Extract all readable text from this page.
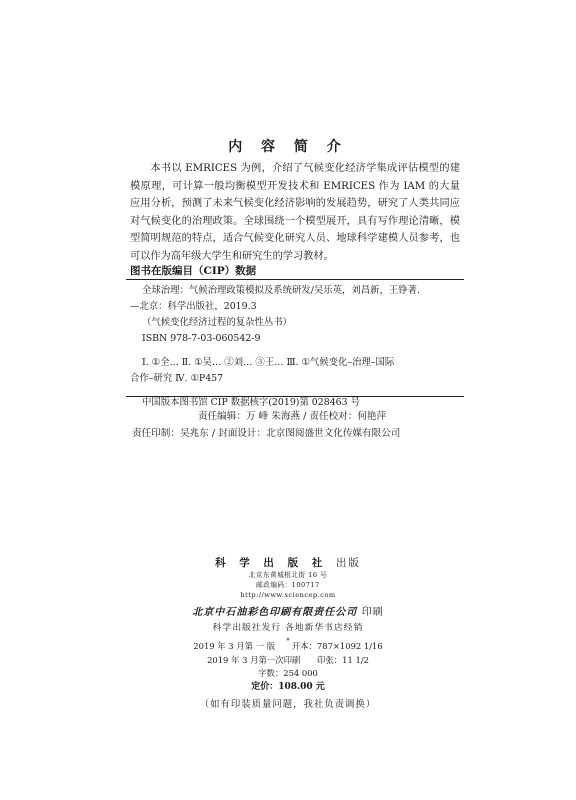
内 容 简 介
本书以 EMRICES 为例，介绍了气候变化经济学集成评估模型的建模原理，可计算一般均衡模型开发技术和 EMRICES 作为 IAM 的大量应用分析，预测了未来气候变化经济影响的发展趋势，研究了人类共同应对气候变化的治理政策。全球围绕一个模型展开，具有写作理论清晰，模型简明规范的特点，适合气候变化研究人员、地球科学建模人员参考，也可以作为高年级大学生和研究生的学习教材。
图书在版编目（CIP）数据
全球治理：气候治理政策模拟及系统研发/吴乐英，刘昌新，王铮著.
—北京：科学出版社，2019.3
（气候变化经济过程的复杂性丛书）
ISBN 978-7-03-060542-9
Ⅰ. ①全… Ⅱ. ①吴… ②刘… ③王… Ⅲ. ①气候变化–治理–国际
合作–研究 Ⅳ. ①P457
中国版本图书馆 CIP 数据核字(2019)第 028463 号
责任编辑：万 峰 朱海燕 / 责任校对：何艳萍
责任印制：吴兆东 / 封面设计：北京图阅盛世文化传媒有限公司
科 学 出 版 社 出版
北京东黄城根北街 16 号
邮政编码：100717
http://www.sciencep.com
北京中石油彩色印刷有限责任公司 印刷
科学出版社发行 各地新华书店经销
*
2019 年 3 月第 一 版 开本：787×1092 1/16
2019 年 3 月第一次印刷 印张：11 1/2
字数：254 000
定价：108.00 元
（如有印装质量问题，我社负责调换）
